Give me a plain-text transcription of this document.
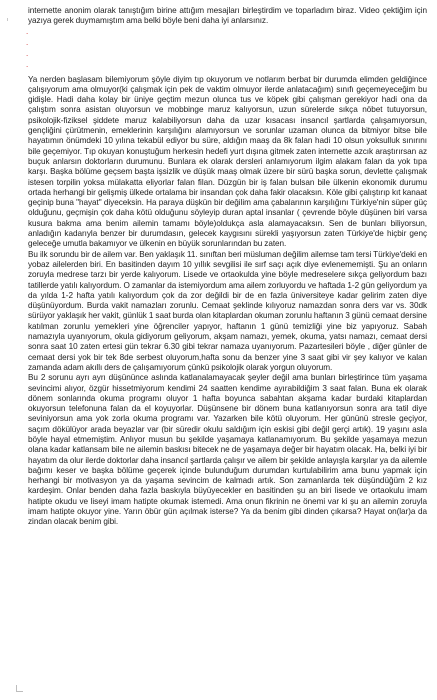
internette anonim olarak tanıştığım birine attığım mesajları birleştirdim ve toparladım biraz. Video çektiğim için yazıya gerek duymamıştım ama belki böyle beni daha iyi anlarsınız.

.
.
.
.

Ya nerden başlasam bilemiyorum şöyle diyim tıp okuyorum ve notlarım berbat bir durumda elimden geldiğince çalışıyorum ama olmuyor(ki çalışmak için pek de vaktim olmuyor ilerde anlatacağım) sınıfı geçemeyeceğim bu gidişle. Hadi daha kolay bir üniye geçtim mezun olunca tus ve köpek gibi çalışman gerekiyor hadi ona da çalıştım sonra asistan oluyorsun ve mobbinge maruz kalıyorsun, uzun sürelerde sıkça nöbet tutuyorsun, psikolojik-fiziksel şiddete maruz kalabiliyorsun daha da uzar kısacası insancıl şartlarda çalışamıyorsun, gençliğini çürütmenin, emeklerinin karşılığını alamıyorsun ve sorunlar uzaman olunca da bitmiyor bitse bile hayatımın önümdeki 10 yılına tekabül ediyor bu süre, aldığın maaş da 8k falan hadi 10 olsun yoksulluk sınırını bile geçemiyor. Tıp okuyan konuştuğum herkesin hedefi yurt dışına gitmek zaten internette azcık araştırırsan az buçuk anlarsın doktorların durumunu. Bunlara ek olarak dersleri anlamıyorum ilgim alakam falan da yok tıpa karşı. Başka bölüme geçsem başta işsizlik ve düşük maaş olmak üzere bir sürü başka sorun, devlette çalışmak istesen torpilin yoksa mülakatta eliyorlar falan filan. Düzgün bir iş falan bulsan bile ülkenin ekonomik durumu ortada herhangi bir gelişmiş ülkede ortalama bir insandan çok daha fakir olacaksın. Köle gibi çalıştırıp kıt kanaat geçinip buna "hayat" diyeceksin. Ha paraya düşkün bir değilim ama çabalarının karşılığını Türkiye'nin süper güç olduğunu, geçmişin çok daha kötü olduğunu söyleyip duran aptal insanlar ( çevrende böyle düşünen biri varsa kusura bakma ama benim ailemin tamamı böyle)oldukça asla alamayacaksın. Sen de bunları biliyorsun, anladığın kadarıyla benzer bir durumdasın, gelecek kaygısını sürekli yaşıyorsun zaten Türkiye'de hiçbir genç geleceğe umutla bakamıyor ve ülkenin en büyük sorunlarından bu zaten.

Bu ilk sorundu bir de ailem var. Ben yaklaşık 11. sınıftan beri müsluman değilim ailemse tam tersi Türkiye'deki en yobaz ailelerden biri. En basitinden dayım 10 yıllık sevgilisi ile sırf saçı açık diye evlenememişti. Şu an onların zoruyla medrese tarzı bir yerde kalıyorum. Lisede ve ortaokulda yine böyle medreselere sıkça geliyordum bazı tatillerde yatılı kalıyordum. O zamanlar da istemiyordum ama ailem zorluyordu ve haftada 1-2 gün geliyordum ya da yılda 1-2 hafta yatılı kalıyordum çok da zor değildi bir de en fazla üniversiteye kadar gelirim zaten diye düşünüyordum. Burda vakit namazları zorunlu. Cemaat şeklinde kılıyoruz namazdan sonra ders var vs. 30dk sürüyor yaklaşık her vakit, günlük 1 saat burda olan kitaplardan okuman zorunlu haftanın 3 günü cemaat dersine katılman zorunlu yemekleri yine öğrenciler yapıyor, haftanın 1 günü temizliği yine biz yapıyoruz. Sabah namazıyla uyanıyorum, okula gidiyorum geliyorum, akşam namazı, yemek, okuma, yatsı namazı, cemaat dersi sonra saat 10 zaten ertesi gün tekrar 6.30 gibi tekrar namaza uyanıyorum. Pazartesileri böyle , diğer günler de cemaat dersi yok bir tek 8de serbest oluyorum,hafta sonu da benzer yine 3 saat gibi vir şey kalıyor ve kalan zamanda adam akıllı ders de çalışamıyorum çünkü psikolojik olarak yorgun oluyorum.

Bu 2 sorunu ayrı ayrı düşününce aslında katlanalamayacak şeyler değil ama bunları birleştirince tüm yaşama sevincimi alıyor, özgür hissetmiyorum kendimi 24 saatten kendime ayırabildiğim 3 saat falan. Buna ek olarak dönem sonlarında okuma programı oluyor 1 hafta boyunca sabahtan akşama kadar burdaki kitaplardan okuyorsun telefonuna falan da el koyuyorlar. Düşünsene bir dönem buna katlanıyorsun sonra ara tatil diye seviniyorsun ama yok zorla okuma programı var. Yazarken bile kötü oluyorum. Her gününü stresle geçiyor, saçım dökülüyor arada beyazlar var (bir süredir okulu saldığım için eskisi gibi değil gerçi artık). 19 yaşını asla böyle hayal etmemiştim. Anlıyor musun bu şekilde yaşamaya katlanamıyorum. Bu şekilde yaşamaya mezun olana kadar katlansam bile ne ailemin baskısı bitecek ne de yaşamaya değer bir hayatım olacak. Ha, belki iyi bir hayatım da olur ilerde doktorlar daha insancıl şartlarda çalışır ve ailem bir şekilde anlayışla karşılar ya da ailemle bağımı keser ve başka bölüme geçerek içinde bulunduğum durumdan kurtulabilirim ama bunu yapmak için herhangi bir motivasyon ya da yaşama sevincim de kalmadı artık. Son zamanlarda tek düşündüğüm 2 kız kardeşim. Onlar benden daha fazla baskıyla büyüyecekler en basitinden şu an biri lisede ve ortaokulu imam hatipte okudu ve liseyi imam hatipte okumak istemedi. Ama onun fikrinin ne önemi var ki şu an ailemin zoruyla imam hatipte okuyor yine. Yarın öbür gün açılmak isterse? Ya da benim gibi dinden çıkarsa? Hayat on(lar)a da zindan olacak benim gibi.
